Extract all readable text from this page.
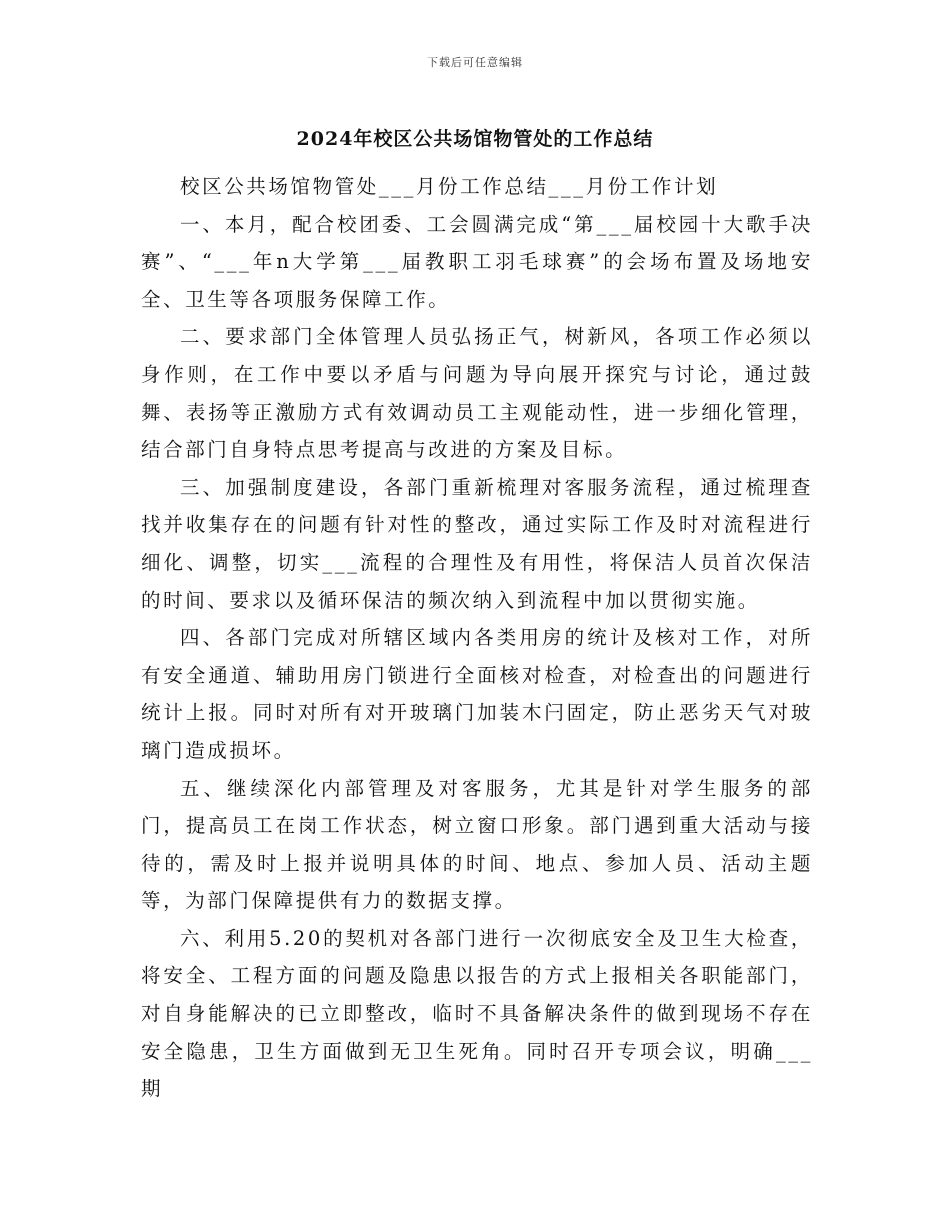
下载后可任意编辑
2024年校区公共场馆物管处的工作总结

校区公共场馆物管处___月份工作总结___月份工作计划

一、本月，配合校团委、工会圆满完成“第___届校园十大歌手决赛”、“___年n大学第___届教职工羽毛球赛”的会场布置及场地安全、卫生等各项服务保障工作。

二、要求部门全体管理人员弘扬正气，树新风，各项工作必须以身作则，在工作中要以矛盾与问题为导向展开探究与讨论，通过鼓舞、表扬等正激励方式有效调动员工主观能动性，进一步细化管理，结合部门自身特点思考提高与改进的方案及目标。

三、加强制度建设，各部门重新梳理对客服务流程，通过梳理查找并收集存在的问题有针对性的整改，通过实际工作及时对流程进行细化、调整，切实___流程的合理性及有用性，将保洁人员首次保洁的时间、要求以及循环保洁的频次纳入到流程中加以贯彻实施。

四、各部门完成对所辖区域内各类用房的统计及核对工作，对所有安全通道、辅助用房门锁进行全面核对检查，对检查出的问题进行统计上报。同时对所有对开玻璃门加装木闩固定，防止恶劣天气对玻璃门造成损坏。

五、继续深化内部管理及对客服务，尤其是针对学生服务的部门，提高员工在岗工作状态，树立窗口形象。部门遇到重大活动与接待的，需及时上报并说明具体的时间、地点、参加人员、活动主题等，为部门保障提供有力的数据支撑。

六、利用5.20的契机对各部门进行一次彻底安全及卫生大检查，将安全、工程方面的问题及隐患以报告的方式上报相关各职能部门，对自身能解决的已立即整改，临时不具备解决条件的做到现场不存在安全隐患，卫生方面做到无卫生死角。同时召开专项会议，明确___期
